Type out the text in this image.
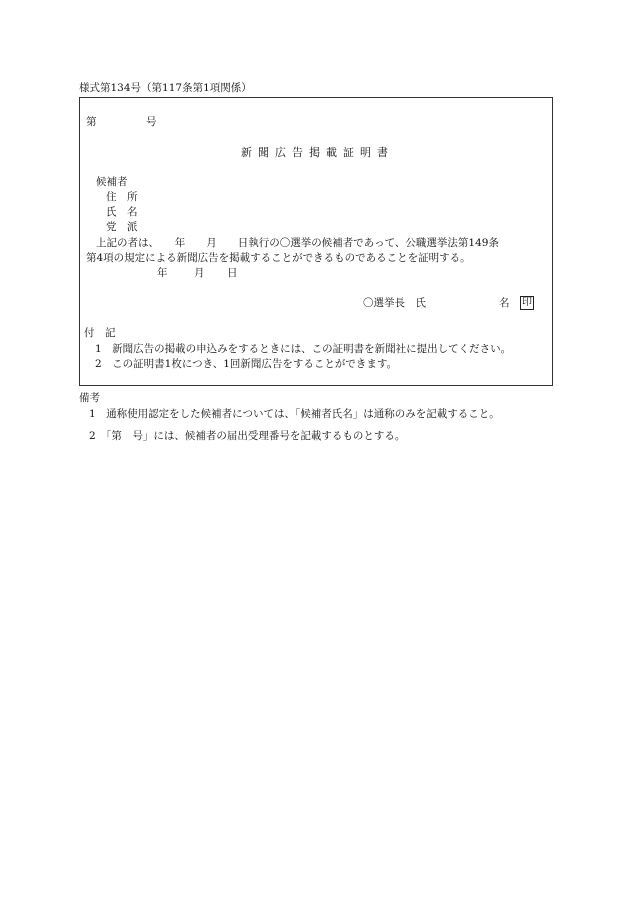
様式第134号（第117条第1項関係）
第	号
新聞広告掲載証明書
候補者
住　所
氏　名
党　派
上記の者は、　　年　　月　　日執行の〇選挙の候補者であって、公職選挙法第149条
第4項の規定による新聞広告を掲載することができるものであることを証明する。
年	月 日
〇選挙長　氏	名 印
付　記
1　新聞広告の掲載の申込みをするときには、この証明書を新聞社に提出してください。
2　この証明書1枚につき、1回新聞広告をすることができます。
備考
1　通称使用認定をした候補者については、「候補者氏名」は通称のみを記載すること。
2　「第　号」には、候補者の届出受理番号を記載するものとする。
